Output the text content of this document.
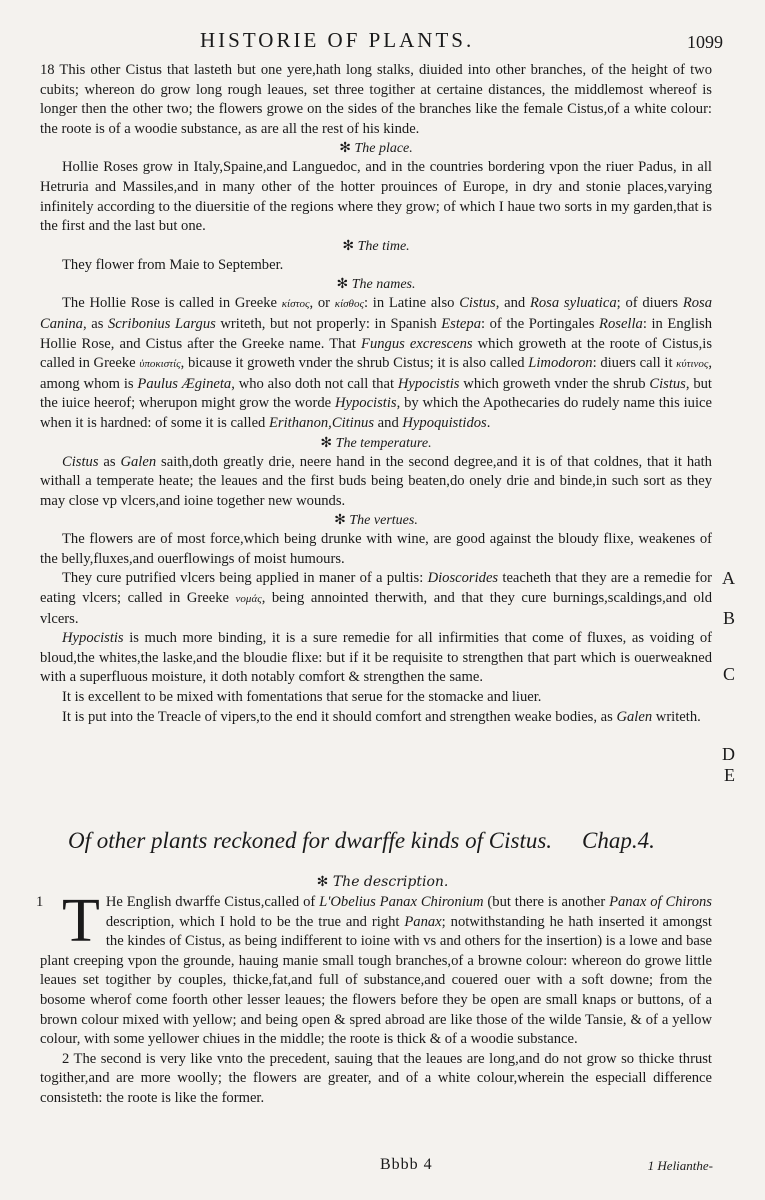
HISTORIE OF PLANTS.	1099

18 This other Cistus that lasteth but one yere,hath long stalks, diuided into other branches, of the height of two cubits; whereon do grow long rough leaues, set three togither at certaine distances, the middlemost whereof is longer then the other two; the flowers growe on the sides of the branches like the female Cistus,of a white colour: the roote is of a woodie substance, as are all the rest of his kinde.

✻ The place.

Hollie Roses grow in Italy,Spaine,and Languedoc, and in the countries bordering vpon the riuer Padus, in all Hetruria and Massiles,and in many other of the hotter prouinces of Europe, in dry and stonie places,varying infinitely according to the diuersitie of the regions where they grow; of which I haue two sorts in my garden,that is the first and the last but one.

✻ The time.

They flower from Maie to September.

✻ The names.

The Hollie Rose is called in Greeke κίστος, or κίσθος: in Latine also Cistus, and Rosa syluatica; of diuers Rosa Canina, as Scribonius Largus writeth, but not properly: in Spanish Estepa: of the Portingales Rosella: in English Hollie Rose, and Cistus after the Greeke name. That Fungus excrescens which groweth at the roote of Cistus,is called in Greeke ὑποκιστίς, bicause it groweth vnder the shrub Cistus; it is also called Limodoron: diuers call it κύτινος, among whom is Paulus Ægineta, who also doth not call that Hypocistis which groweth vnder the shrub Cistus, but the iuice heerof; wherupon might grow the worde Hypocistis, by which the Apothecaries do rudely name this iuice when it is hardned: of some it is called Erithanon,Citinus and Hypoquistidos.

✻ The temperature.

Cistus as Galen saith,doth greatly drie, neere hand in the second degree,and it is of that coldnes, that it hath withall a temperate heate; the leaues and the first buds being beaten,do onely drie and binde,in such sort as they may close vp vlcers,and ioine together new wounds.

✻ The vertues.

The flowers are of most force,which being drunke with wine, are good against the bloudy flixe, weakenes of the belly,fluxes,and ouerflowings of moist humours.

They cure putrified vlcers being applied in maner of a pultis: Dioscorides teacheth that they are a remedie for eating vlcers; called in Greeke νομάς, being annointed therwith, and that they cure burnings,scaldings,and old vlcers.

Hypocistis is much more binding, it is a sure remedie for all infirmities that come of fluxes, as voiding of bloud,the whites,the laske,and the bloudie flixe: but if it be requisite to strengthen that part which is ouerweakned with a superfluous moisture, it doth notably comfort & strengthen the same.

It is excellent to be mixed with fomentations that serue for the stomacke and liuer.

It is put into the Treacle of vipers,to the end it should comfort and strengthen weake bodies, as Galen writeth.

A
B
C
D
E
Of other plants reckoned for dwarffe kinds of Cistus. Chap.4.
✻ The description.
1 T He English dwarffe Cistus,called of L'Obelius Panax Chironium (but there is another Panax of Chirons description, which I hold to be the true and right Panax; notwithstanding he hath inserted it amongst the kindes of Cistus, as being indifferent to ioine with vs and others for the insertion) is a lowe and base plant creeping vpon the grounde, hauing manie small tough branches,of a browne colour: whereon do growe little leaues set togither by couples, thicke,fat,and full of substance,and couered ouer with a soft downe; from the bosome wherof come foorth other lesser leaues; the flowers before they be open are small knaps or buttons, of a brown colour mixed with yellow; and being open & spred abroad are like those of the wilde Tansie, & of a yellow colour, with some yellower chiues in the middle; the roote is thick & of a woodie substance.

2 The second is very like vnto the precedent, sauing that the leaues are long,and do not grow so thicke thrust togither,and are more woolly; the flowers are greater, and of a white colour,wherein the especiall difference consisteth: the roote is like the former.

Bbbb 4	1 Helianthe-
